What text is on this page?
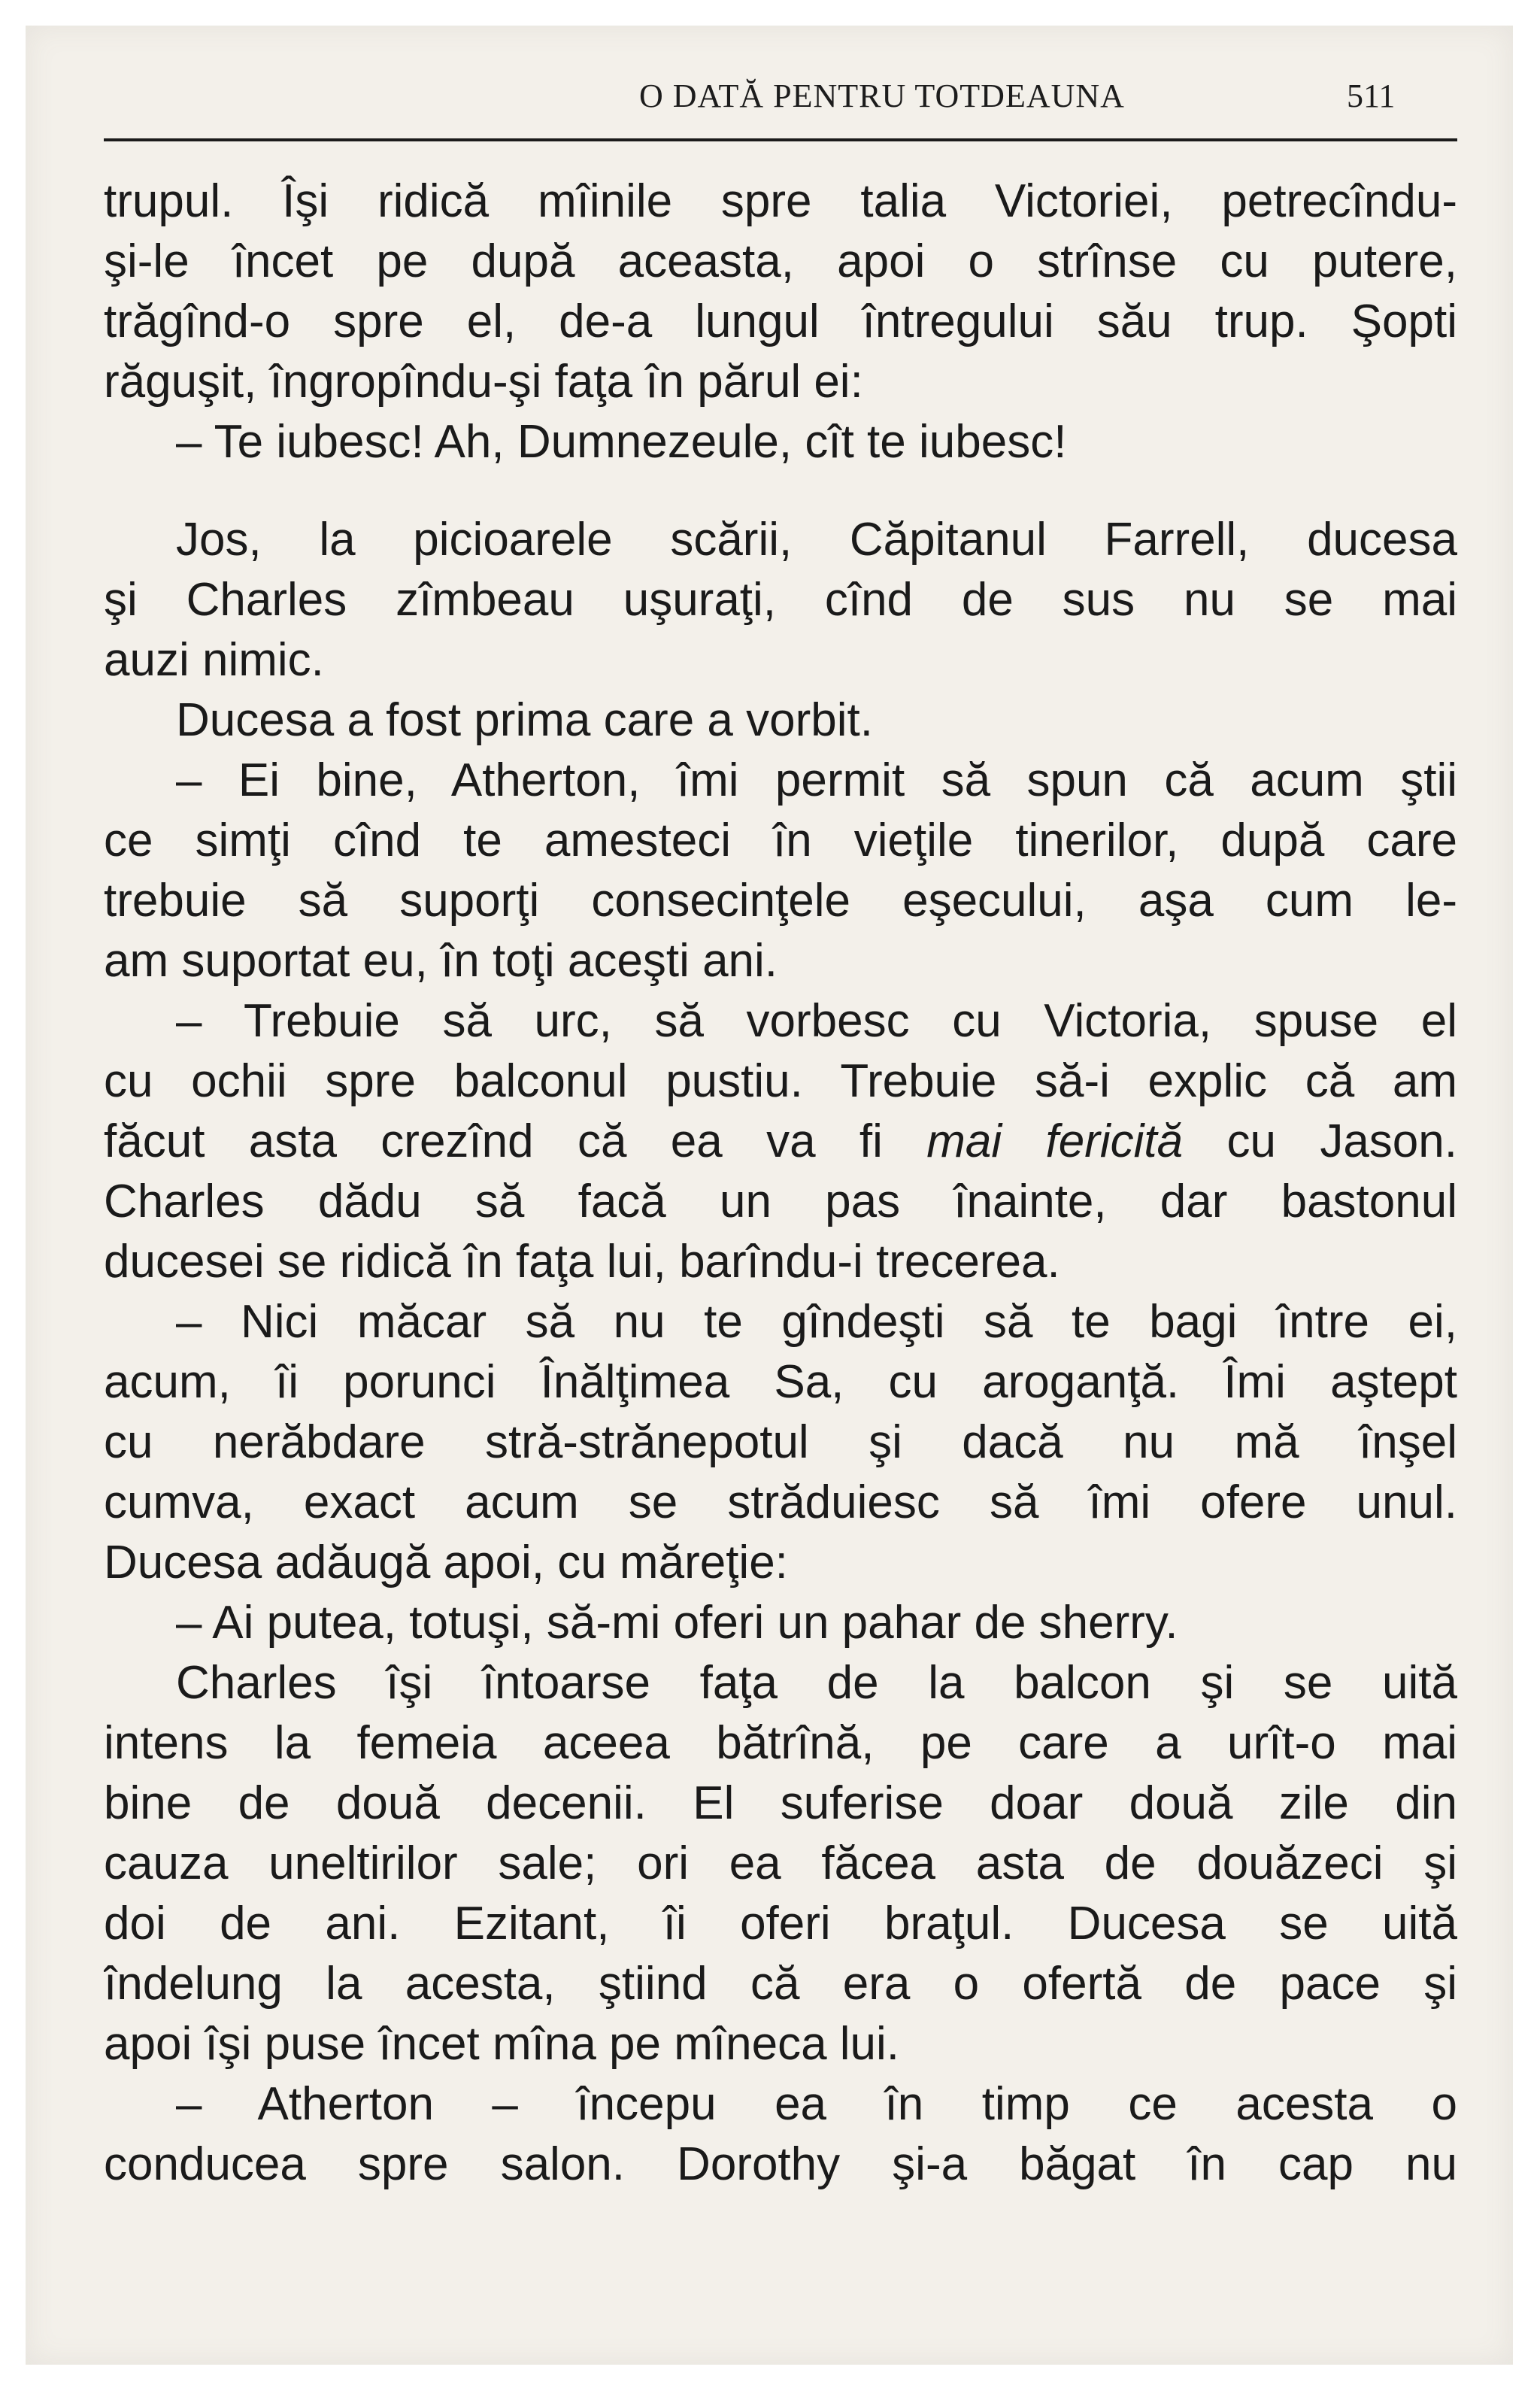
O DATĂ PENTRU TOTDEAUNA	511
trupul. Îşi ridică mîinile spre talia Victoriei, petrecîndu-
şi-le încet pe după aceasta, apoi o strînse cu putere,
trăgînd-o spre el, de-a lungul întregului său trup. Şopti
răguşit, îngropîndu-şi faţa în părul ei:
– Te iubesc! Ah, Dumnezeule, cît te iubesc!
Jos, la picioarele scării, Căpitanul Farrell, ducesa
şi Charles zîmbeau uşuraţi, cînd de sus nu se mai
auzi nimic.
Ducesa a fost prima care a vorbit.
– Ei bine, Atherton, îmi permit să spun că acum ştii
ce simţi cînd te amesteci în vieţile tinerilor, după care
trebuie să suporţi consecinţele eşecului, aşa cum le-
am suportat eu, în toţi aceşti ani.
– Trebuie să urc, să vorbesc cu Victoria, spuse el
cu ochii spre balconul pustiu. Trebuie să-i explic că am
făcut asta crezînd că ea va fi mai fericită cu Jason.
Charles dădu să facă un pas înainte, dar bastonul
ducesei se ridică în faţa lui, barîndu-i trecerea.
– Nici măcar să nu te gîndeşti să te bagi între ei,
acum, îi porunci Înălţimea Sa, cu aroganţă. Îmi aştept
cu nerăbdare stră-strănepotul şi dacă nu mă înşel
cumva, exact acum se străduiesc să îmi ofere unul.
Ducesa adăugă apoi, cu măreţie:
– Ai putea, totuşi, să-mi oferi un pahar de sherry.
Charles îşi întoarse faţa de la balcon şi se uită
intens la femeia aceea bătrînă, pe care a urît-o mai
bine de două decenii. El suferise doar două zile din
cauza uneltirilor sale; ori ea făcea asta de douăzeci şi
doi de ani. Ezitant, îi oferi braţul. Ducesa se uită
îndelung la acesta, ştiind că era o ofertă de pace şi
apoi îşi puse încet mîna pe mîneca lui.
– Atherton – începu ea în timp ce acesta o
conducea spre salon. Dorothy şi-a băgat în cap nu
